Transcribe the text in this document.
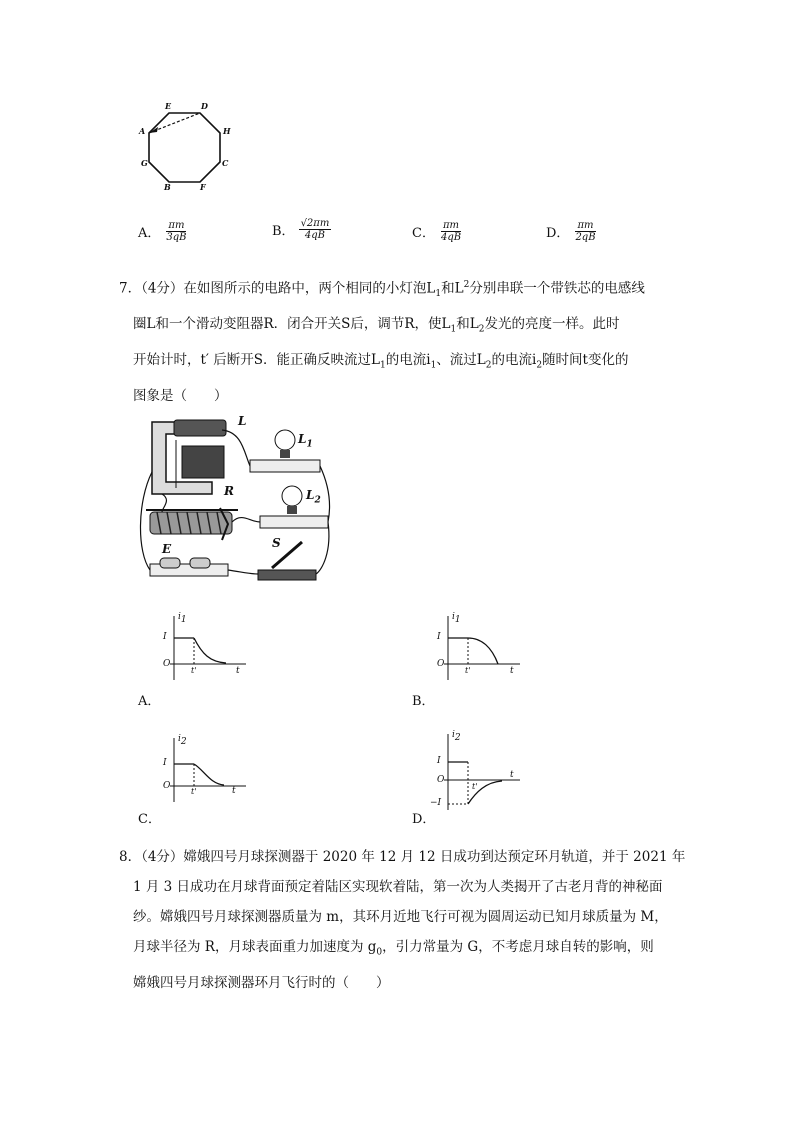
E	D
A	H
G	C
B	F
A． $\frac{\pi m}{3qB}$	B． $\frac{√2\pi m}{4qB}$	C． $\frac{\pi m}{4qB}$	D． $\frac{\pi m}{2qB}$

7．（4分）在如图所示的电路中，两个相同的小灯泡$L_1$和$L^2$分别串联一个带铁芯的电感线

圈L和一个滑动变阻器R．闭合开关S后，调节R，使$L_1$和$L_2$发光的亮度一样。此时

开始计时，t′ 后断开S．能正确反映流过$L_1$的电流$i_1$、流过$L_2$的电流$i_2$随时间t变化的

图象是（　　）

L
$L_1$
R	$L_2$
E	S
$i_1$
I
O
t'	t
A．
$i_1$
I
O
t'	t
B．
$i_2$
I
O
t'	t
C．
$i_2$
I
O
−I
t'
t
D．

8．（4分）嫦娥四号月球探测器于 2020 年 12 月 12 日成功到达预定环月轨道，并于 2021 年

1 月 3 日成功在月球背面预定着陆区实现软着陆，第一次为人类揭开了古老月背的神秘面

纱。嫦娥四号月球探测器质量为 m，其环月近地飞行可视为圆周运动已知月球质量为 M，

月球半径为 R，月球表面重力加速度为 $g_0$，引力常量为 G，不考虑月球自转的影响，则

嫦娥四号月球探测器环月飞行时的（　　）
